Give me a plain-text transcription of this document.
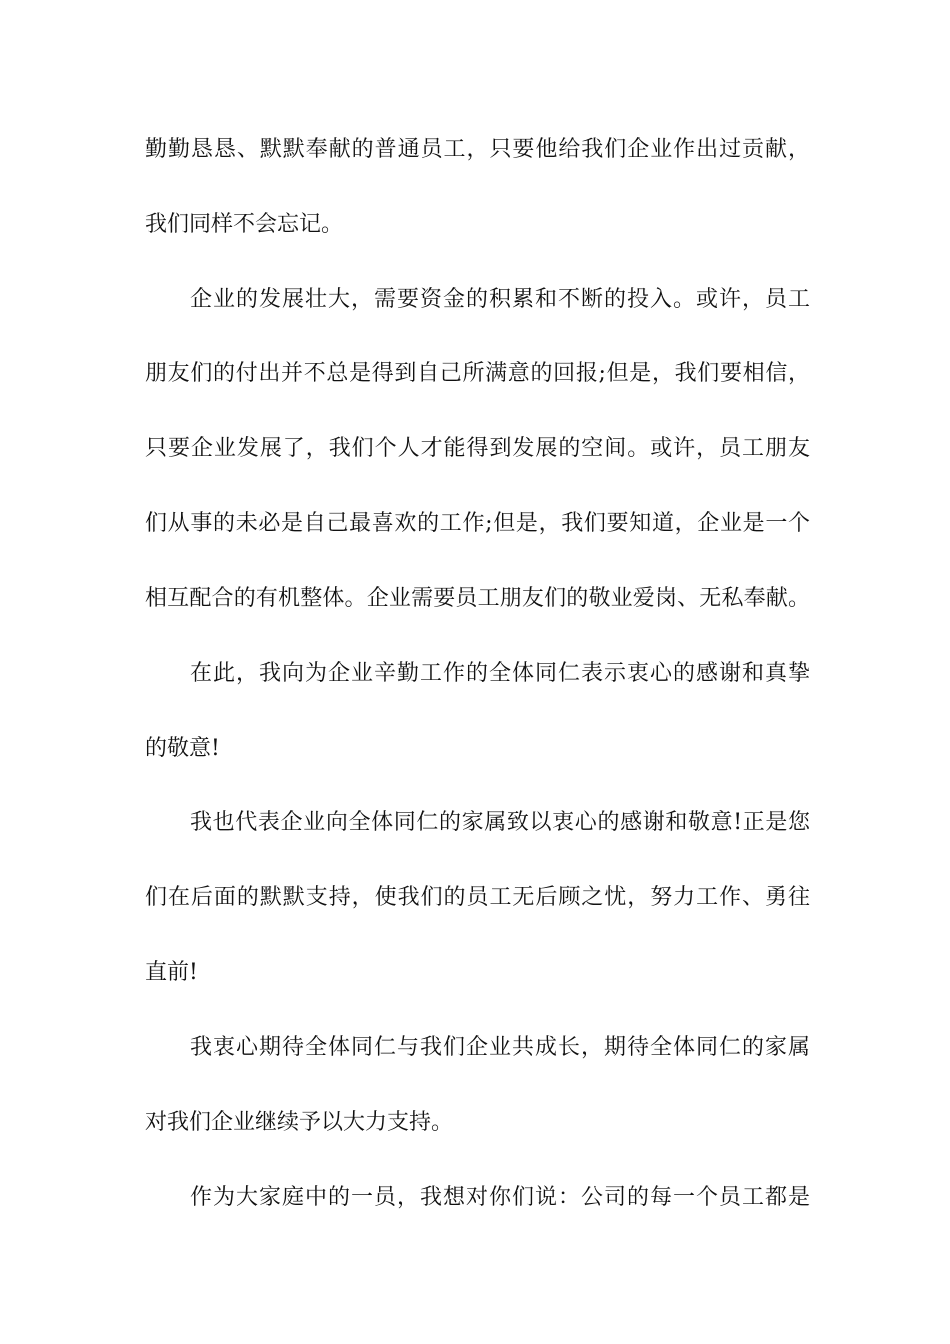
勤勤恳恳、默默奉献的普通员工，只要他给我们企业作出过贡献，
我们同样不会忘记。
企业的发展壮大，需要资金的积累和不断的投入。或许，员工
朋友们的付出并不总是得到自己所满意的回报;但是，我们要相信，
只要企业发展了，我们个人才能得到发展的空间。或许，员工朋友
们从事的未必是自己最喜欢的工作;但是，我们要知道，企业是一个
相互配合的有机整体。企业需要员工朋友们的敬业爱岗、无私奉献。
在此，我向为企业辛勤工作的全体同仁表示衷心的感谢和真挚
的敬意!
我也代表企业向全体同仁的家属致以衷心的感谢和敬意!正是您
们在后面的默默支持，使我们的员工无后顾之忧，努力工作、勇往
直前!
我衷心期待全体同仁与我们企业共成长，期待全体同仁的家属
对我们企业继续予以大力支持。
作为大家庭中的一员，我想对你们说：公司的每一个员工都是
